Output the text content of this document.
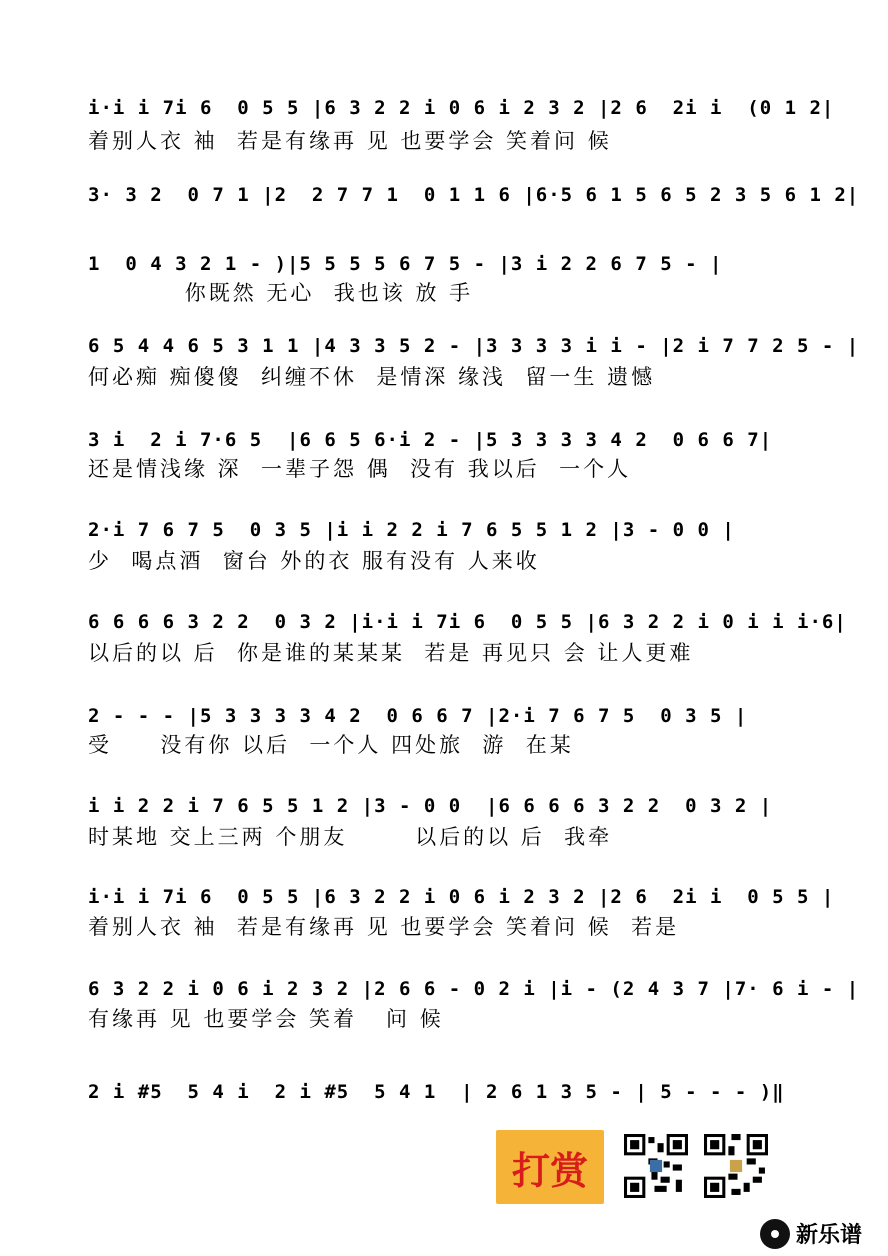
i·i i 7i 6  0 5 5 |6 3 2 2 i 0 6 i 2 3 2 |2 6  2i i  (0 1 2|
着别人衣 袖  若是有缘再 见 也要学会 笑着问 候
3· 3 2  0 7 1 |2  2 7 7 1  0 1 1 6 |6·5 6 1 5 6 5 2 3 5 6 1 2|
1  0 4 3 2 1 - )|5 5 5 5 6 7 5 - |3 i 2 2 6 7 5 - |
你既然 无心  我也该 放 手
6 5 4 4 6 5 3 1 1 |4 3 3 5 2 - |3 3 3 3 i i - |2 i 7 7 2 5 - |
何必痴 痴傻傻  纠缠不休  是情深 缘浅  留一生 遗憾
3 i  2 i 7·6 5  |6 6 5 6·i 2 - |5 3 3 3 3 4 2  0 6 6 7|
还是情浅缘 深  一辈子怨 偶  没有 我以后  一个人
2·i 7 6 7 5  0 3 5 |i i 2 2 i 7 6 5 5 1 2 |3 - 0 0 |
少  喝点酒  窗台 外的衣 服有没有 人来收
6 6 6 6 3 2 2  0 3 2 |i·i i 7i 6  0 5 5 |6 3 2 2 i 0 i i i·6|
以后的以 后  你是谁的某某某  若是 再见只 会 让人更难
2 - - - |5 3 3 3 3 4 2  0 6 6 7 |2·i 7 6 7 5  0 3 5 |
受     没有你 以后  一个人 四处旅  游  在某
i i 2 2 i 7 6 5 5 1 2 |3 - 0 0  |6 6 6 6 3 2 2  0 3 2 |
时某地 交上三两 个朋友       以后的以 后  我牵
i·i i 7i 6  0 5 5 |6 3 2 2 i 0 6 i 2 3 2 |2 6  2i i  0 5 5 |
着别人衣 袖  若是有缘再 见 也要学会 笑着问 候  若是
6 3 2 2 i 0 6 i 2 3 2 |2 6 6 - 0 2 i |i - (2 4 3 7 |7· 6 i - |
有缘再 见 也要学会 笑着   问 候
2 i #5  5 4 i  2 i #5  5 4 1  | 2 6 1 3 5 - | 5 - - - )‖
打赏
新乐谱
